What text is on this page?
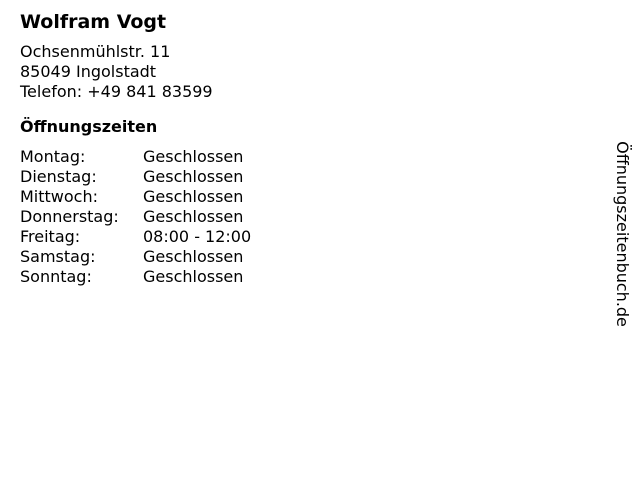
Wolfram Vogt
Ochsenmühlstr. 11
85049 Ingolstadt
Telefon: +49 841 83599
Öffnungszeiten
Montag:	Geschlossen
Dienstag:	Geschlossen
Mittwoch:	Geschlossen
Donnerstag:	Geschlossen
Freitag:	08:00 - 12:00
Samstag:	Geschlossen
Sonntag:	Geschlossen	Öffnungszeitenbuch.de
